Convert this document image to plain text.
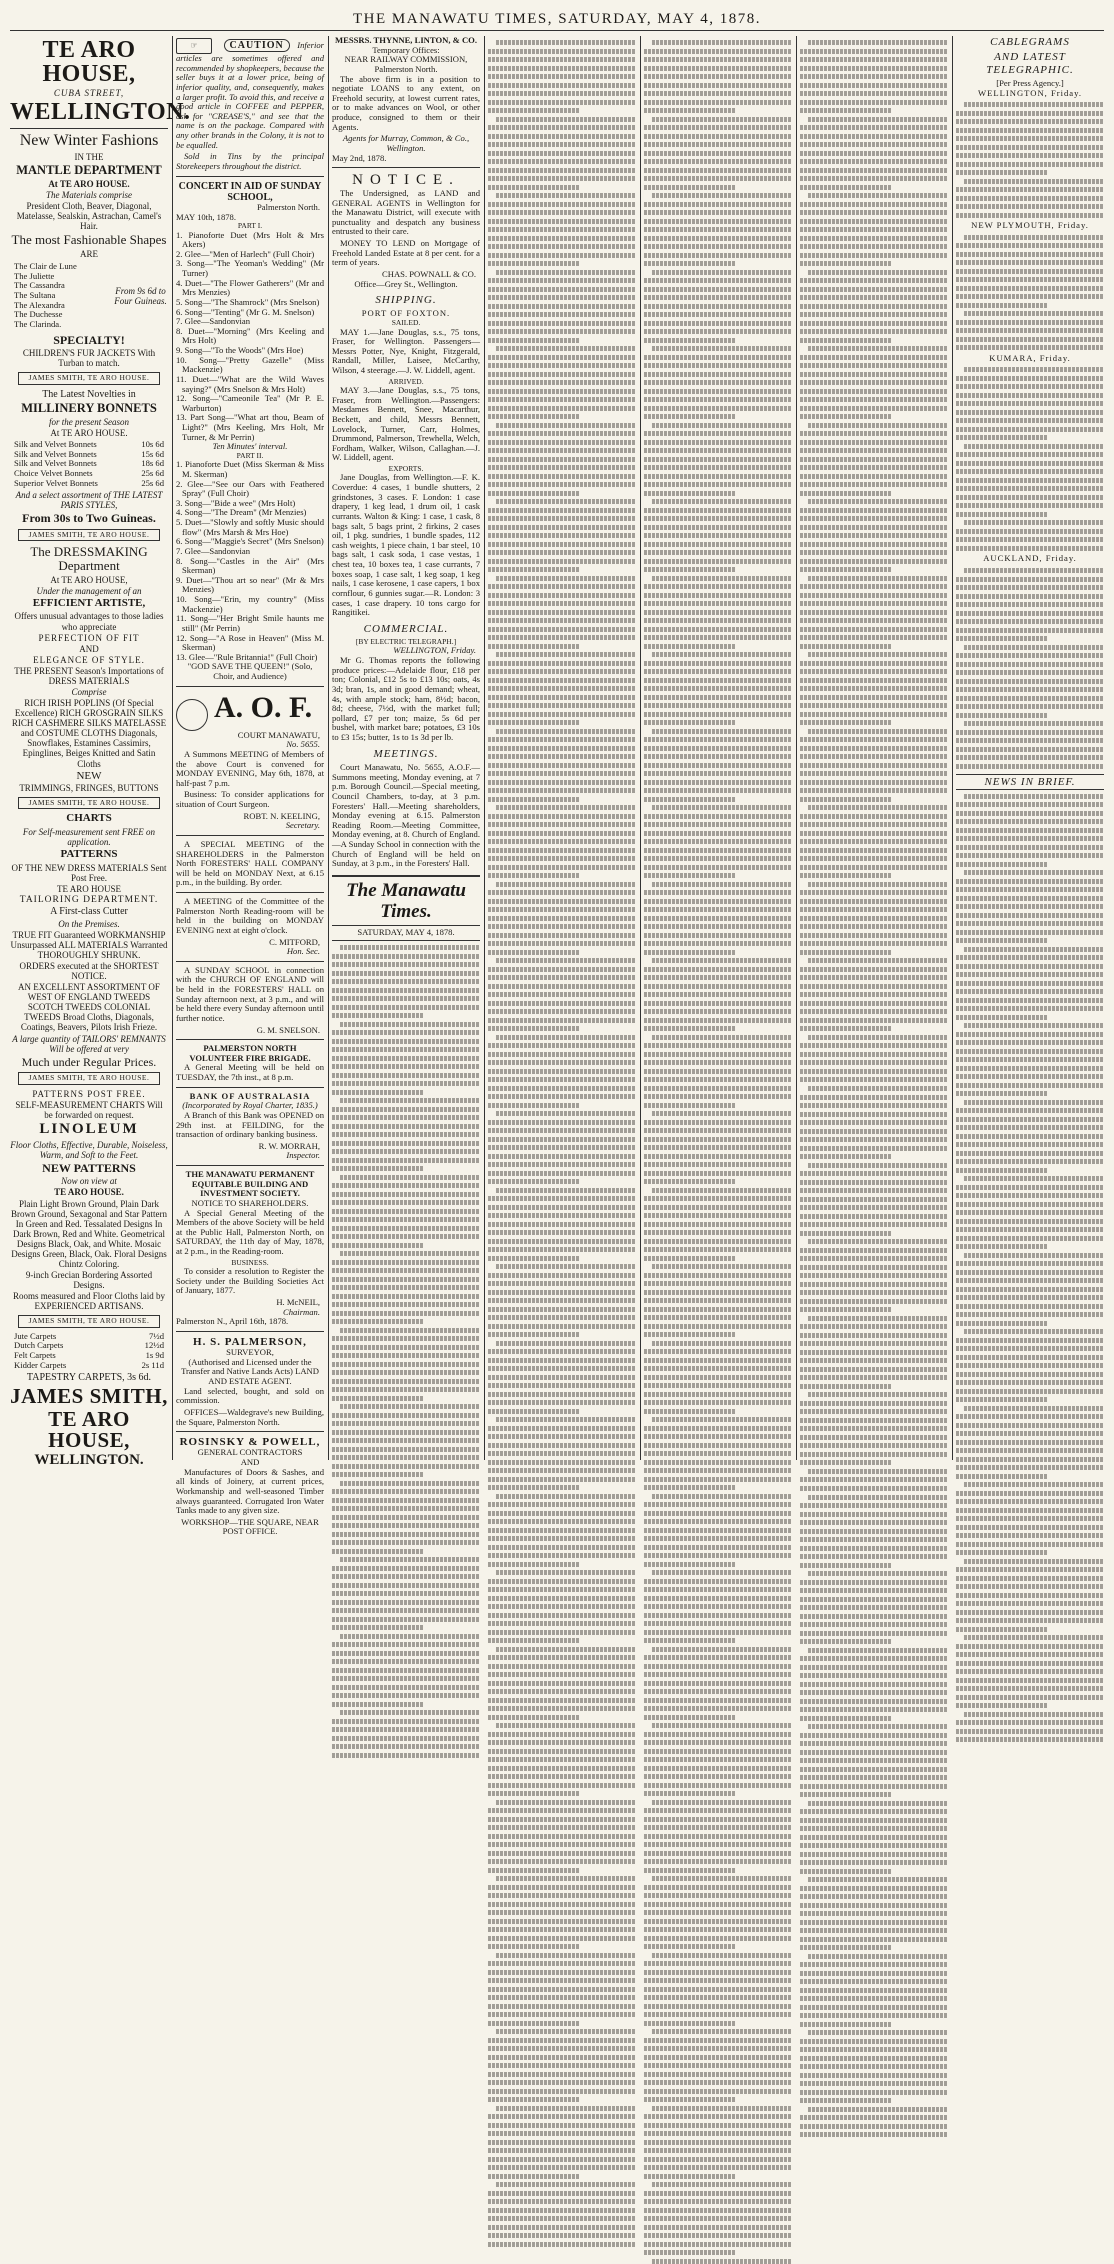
THE MANAWATU TIMES, SATURDAY, MAY 4, 1878.
TE ARO HOUSE,
CUBA STREET,
WELLINGTON.
New Winter Fashions
IN THE
MANTLE DEPARTMENT
At TE ARO HOUSE.
The Materials comprise
President Cloth, Beaver, Diagonal, Matelasse, Sealskin, Astrachan, Camel's Hair.
The most Fashionable Shapes
ARE
The Clair de Lune
The Juliette
The Cassandra
The Sultana
The Alexandra
The Duchesse
The Clarinda.
From 9s 6d to Four Guineas.
SPECIALTY!
CHILDREN'S FUR JACKETS With Turban to match.
JAMES SMITH, TE ARO HOUSE.
The Latest Novelties in
MILLINERY BONNETS
for the present Season
At TE ARO HOUSE.
Silk and Velvet Bonnets	10s 6d
Silk and Velvet Bonnets	15s 6d
Silk and Velvet Bonnets	18s 6d
Choice Velvet Bonnets	25s 6d
Superior Velvet Bonnets	25s 6d
And a select assortment of THE LATEST PARIS STYLES,
From 30s to Two Guineas.
JAMES SMITH, TE ARO HOUSE.
The DRESSMAKING Department
At TE ARO HOUSE,
Under the management of an
EFFICIENT ARTISTE,
Offers unusual advantages to those ladies who appreciate
PERFECTION OF FIT
AND
ELEGANCE OF STYLE.
THE PRESENT Season's Importations of DRESS MATERIALS
Comprise
RICH IRISH POPLINS (Of Special Excellence) RICH GROSGRAIN SILKS RICH CASHMERE SILKS MATELASSE and COSTUME CLOTHS Diagonals, Snowflakes, Estamines Cassimirs, Epinglines, Beiges Knitted and Satin Cloths
NEW
TRIMMINGS, FRINGES, BUTTONS
JAMES SMITH, TE ARO HOUSE.
CHARTS
For Self-measurement sent FREE on application.
PATTERNS
OF THE NEW DRESS MATERIALS Sent Post Free.
TE ARO HOUSE
TAILORING DEPARTMENT.
A First-class Cutter
On the Premises.
TRUE FIT Guaranteed WORKMANSHIP Unsurpassed ALL MATERIALS Warranted THOROUGHLY SHRUNK.
ORDERS executed at the SHORTEST NOTICE.
AN EXCELLENT ASSORTMENT OF WEST OF ENGLAND TWEEDS SCOTCH TWEEDS COLONIAL TWEEDS Broad Cloths, Diagonals, Coatings, Beavers, Pilots Irish Frieze.
A large quantity of TAILORS' REMNANTS Will be offered at very
Much under Regular Prices.
JAMES SMITH, TE ARO HOUSE.
PATTERNS POST FREE.
SELF-MEASUREMENT CHARTS Will be forwarded on request.
LINOLEUM
Floor Cloths, Effective, Durable, Noiseless, Warm, and Soft to the Feet.
NEW PATTERNS
Now on view at
TE ARO HOUSE.
Plain Light Brown Ground, Plain Dark Brown Ground, Sexagonal and Star Pattern In Green and Red. Tessalated Designs In Dark Brown, Red and White. Geometrical Designs Black, Oak, and White. Mosaic Designs Green, Black, Oak. Floral Designs Chintz Coloring.
9-inch Grecian Bordering Assorted Designs.
Rooms measured and Floor Cloths laid by EXPERIENCED ARTISANS.
JAMES SMITH, TE ARO HOUSE.
Jute Carpets	7½d
Dutch Carpets	12½d
Felt Carpets	1s 9d
Kidder Carpets	2s 11d
TAPESTRY CARPETS, 3s 6d.
JAMES SMITH,
TE ARO HOUSE,
WELLINGTON.
☞	CAUTION Inferior articles are sometimes offered and recommended by shopkeepers, because the seller buys it at a lower price, being of inferior quality, and, consequently, makes a larger profit. To avoid this, and receive a good article in COFFEE and PEPPER, ask for "CREASE'S," and see that the name is on the package. Compared with any other brands in the Colony, it is not to be equalled.
Sold in Tins by the principal Storekeepers throughout the district.
CONCERT IN AID OF SUNDAY SCHOOL,
Palmerston North.
MAY 10th, 1878.
PART I.
1. Pianoforte Duet (Mrs Holt & Mrs Akers)
2. Glee—"Men of Harlech" (Full Choir)
3. Song—"The Yeoman's Wedding" (Mr Turner)
4. Duet—"The Flower Gatherers" (Mr and Mrs Menzies)
5. Song—"The Shamrock" (Mrs Snelson)
6. Song—"Tenting" (Mr G. M. Snelson)
7. Glee—Sandonvian
8. Duet—"Morning" (Mrs Keeling and Mrs Holt)
9. Song—"To the Woods" (Mrs Hoe)
10. Song—"Pretty Gazelle" (Miss Mackenzie)
11. Duet—"What are the Wild Waves saying?" (Mrs Snelson & Mrs Holt)
12. Song—"Cameonile Tea" (Mr P. E. Warburton)
13. Part Song—"What art thou, Beam of Light?" (Mrs Keeling, Mrs Holt, Mr Turner, & Mr Perrin)
Ten Minutes' interval.
PART II.
1. Pianoforte Duet (Miss Skerman & Miss M. Skerman)
2. Glee—"See our Oars with Feathered Spray" (Full Choir)
3. Song—"Bide a wee" (Mrs Holt)
4. Song—"The Dream" (Mr Menzies)
5. Duet—"Slowly and softly Music should flow" (Mrs Marsh & Mrs Hoe)
6. Song—"Maggie's Secret" (Mrs Snelson)
7. Glee—Sandonvian
8. Song—"Castles in the Air" (Mrs Skerman)
9. Duet—"Thou art so near" (Mr & Mrs Menzies)
10. Song—"Erin, my country" (Miss Mackenzie)
11. Song—"Her Bright Smile haunts me still" (Mr Perrin)
12. Song—"A Rose in Heaven" (Miss M. Skerman)
13. Glee—"Rule Britannia!" (Full Choir)
"GOD SAVE THE QUEEN!" (Solo, Choir, and Audience)
A. O. F.
COURT MANAWATU,
No. 5655.
A Summons MEETING of Members of the above Court is convened for MONDAY EVENING, May 6th, 1878, at half-past 7 p.m.
Business: To consider applications for situation of Court Surgeon.
ROBT. N. KEELING,
Secretary.
A SPECIAL MEETING of the SHAREHOLDERS in the Palmerston North FORESTERS' HALL COMPANY will be held on MONDAY Next, at 6.15 p.m., in the building. By order.
A MEETING of the Committee of the Palmerston North Reading-room will be held in the building on MONDAY EVENING next at eight o'clock.
C. MITFORD,
Hon. Sec.
A SUNDAY SCHOOL in connection with the CHURCH OF ENGLAND will be held in the FORESTERS' HALL on Sunday afternoon next, at 3 p.m., and will be held there every Sunday afternoon until further notice.
G. M. SNELSON.
PALMERSTON NORTH VOLUNTEER FIRE BRIGADE.
A General Meeting will be held on TUESDAY, the 7th inst., at 8 p.m.
BANK OF AUSTRALASIA
(Incorporated by Royal Charter, 1835.)
A Branch of this Bank was OPENED on 29th inst. at FEILDING, for the transaction of ordinary banking business.
R. W. MORRAH,
Inspector.
THE MANAWATU PERMANENT EQUITABLE BUILDING AND INVESTMENT SOCIETY.
NOTICE TO SHAREHOLDERS.
A Special General Meeting of the Members of the above Society will be held at the Public Hall, Palmerston North, on SATURDAY, the 11th day of May, 1878, at 2 p.m., in the Reading-room.
BUSINESS.
To consider a resolution to Register the Society under the Building Societies Act of January, 1877.
H. McNEIL,
Chairman.
Palmerston N., April 16th, 1878.
H. S. PALMERSON,
SURVEYOR,
(Authorised and Licensed under the Transfer and Native Lands Acts) LAND AND ESTATE AGENT.
Land selected, bought, and sold on commission.
OFFICES—Waldegrave's new Building, the Square, Palmerston North.
ROSINSKY & POWELL,
GENERAL CONTRACTORS
AND
Manufactures of Doors & Sashes, and all kinds of Joinery, at current prices, Workmanship and well-seasoned Timber always guaranteed. Corrugated Iron Water Tanks made to any given size.
WORKSHOP—THE SQUARE, NEAR POST OFFICE.
MESSRS. THYNNE, LINTON, & CO.
Temporary Offices:
NEAR RAILWAY COMMISSION, Palmerston North.
The above firm is in a position to negotiate LOANS to any extent, on Freehold security, at lowest current rates, or to make advances on Wool, or other produce, consigned to them or their Agents.
Agents for Murray, Common, & Co., Wellington.
May 2nd, 1878.
NOTICE.
The Undersigned, as LAND and GENERAL AGENTS in Wellington for the Manawatu District, will execute with punctuality and despatch any business entrusted to their care.
MONEY TO LEND on Mortgage of Freehold Landed Estate at 8 per cent. for a term of years.
CHAS. POWNALL & CO.
Office—Grey St., Wellington.
SHIPPING.
PORT OF FOXTON.
SAILED.
MAY 1.—Jane Douglas, s.s., 75 tons, Fraser, for Wellington. Passengers—Messrs Potter, Nye, Knight, Fitzgerald, Randall, Miller, Laisee, McCarthy, Wilson, 4 steerage.—J. W. Liddell, agent.
ARRIVED.
MAY 3.—Jane Douglas, s.s., 75 tons, Fraser, from Wellington.—Passengers: Mesdames Bennett, Snee, Macarthur, Beckett, and child, Messrs Bennett, Lovelock, Turner, Carr, Holmes, Drummond, Palmerson, Trewhella, Welch, Fordham, Walker, Wilson, Callaghan.—J. W. Liddell, agent.
EXPORTS.
Jane Douglas, from Wellington.—F. K. Coverdue: 4 cases, 1 bundle shutters, 2 grindstones, 3 cases. F. London: 1 case drapery, 1 keg lead, 1 drum oil, 1 cask currants. Walton & King: 1 case, 1 cask, 8 bags salt, 5 bags print, 2 firkins, 2 cases oil, 1 pkg. sundries, 1 bundle spades, 112 cash weights, 1 piece chain, 1 bar steel, 10 bags salt, 1 cask soda, 1 case vestas, 1 chest tea, 10 boxes tea, 1 case currants, 7 boxes soap, 1 case salt, 1 keg soap, 1 keg nails, 1 case kerosene, 1 case capers, 1 box cornflour, 6 gunnies sugar.—R. London: 3 cases, 1 case drapery. 10 tons cargo for Rangitikei.
COMMERCIAL.
[BY ELECTRIC TELEGRAPH.]
WELLINGTON, Friday.
Mr G. Thomas reports the following produce prices:—Adelaide flour, £18 per ton; Colonial, £12 5s to £13 10s; oats, 4s 3d; bran, 1s, and in good demand; wheat, 4s, with ample stock; ham, 8½d; bacon, 8d; cheese, 7½d, with the market full; pollard, £7 per ton; maize, 5s 6d per bushel, with market bare; potatoes, £3 10s to £3 15s; butter, 1s to 1s 3d per lb.
MEETINGS.
Court Manawatu, No. 5655, A.O.F.—Summons meeting, Monday evening, at 7 p.m. Borough Council.—Special meeting, Council Chambers, to-day, at 3 p.m. Foresters' Hall.—Meeting shareholders, Monday evening at 6.15. Palmerston Reading Room.—Meeting Committee, Monday evening, at 8. Church of England.—A Sunday School in connection with the Church of England will be held on Sunday, at 3 p.m., in the Foresters' Hall.
The Manawatu Times.
SATURDAY, MAY 4, 1878.
CABLEGRAMS
AND LATEST TELEGRAPHIC.
[Per Press Agency.]
WELLINGTON, Friday.
NEW PLYMOUTH, Friday.
KUMARA, Friday.
AUCKLAND, Friday.
NEWS IN BRIEF.
